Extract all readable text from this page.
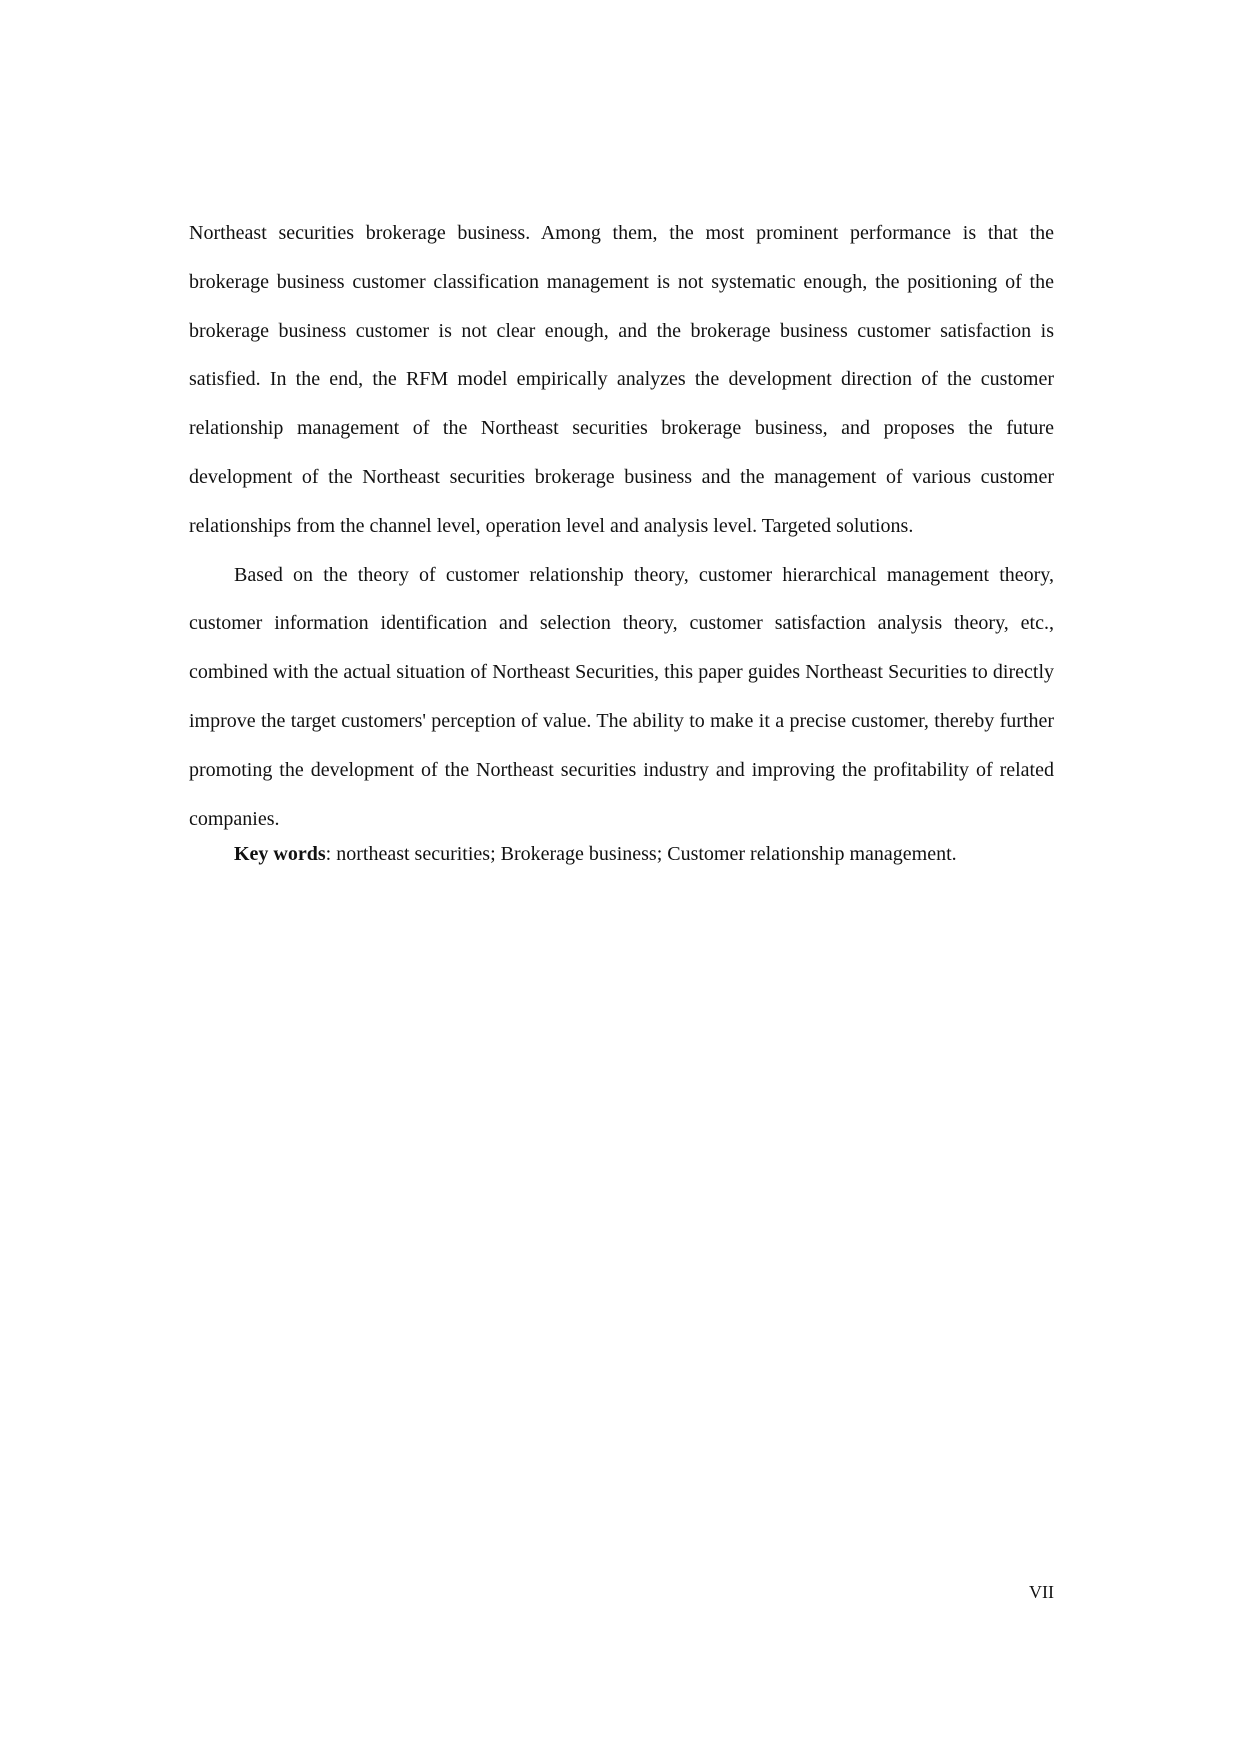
Northeast securities brokerage business. Among them, the most prominent performance is that the brokerage business customer classification management is not systematic enough, the positioning of the brokerage business customer is not clear enough, and the brokerage business customer satisfaction is satisfied. In the end, the RFM model empirically analyzes the development direction of the customer relationship management of the Northeast securities brokerage business, and proposes the future development of the Northeast securities brokerage business and the management of various customer relationships from the channel level, operation level and analysis level. Targeted solutions.

Based on the theory of customer relationship theory, customer hierarchical management theory, customer information identification and selection theory, customer satisfaction analysis theory, etc., combined with the actual situation of Northeast Securities, this paper guides Northeast Securities to directly improve the target customers' perception of value. The ability to make it a precise customer, thereby further promoting the development of the Northeast securities industry and improving the profitability of related companies.

Key words: northeast securities; Brokerage business; Customer relationship management.

VII
